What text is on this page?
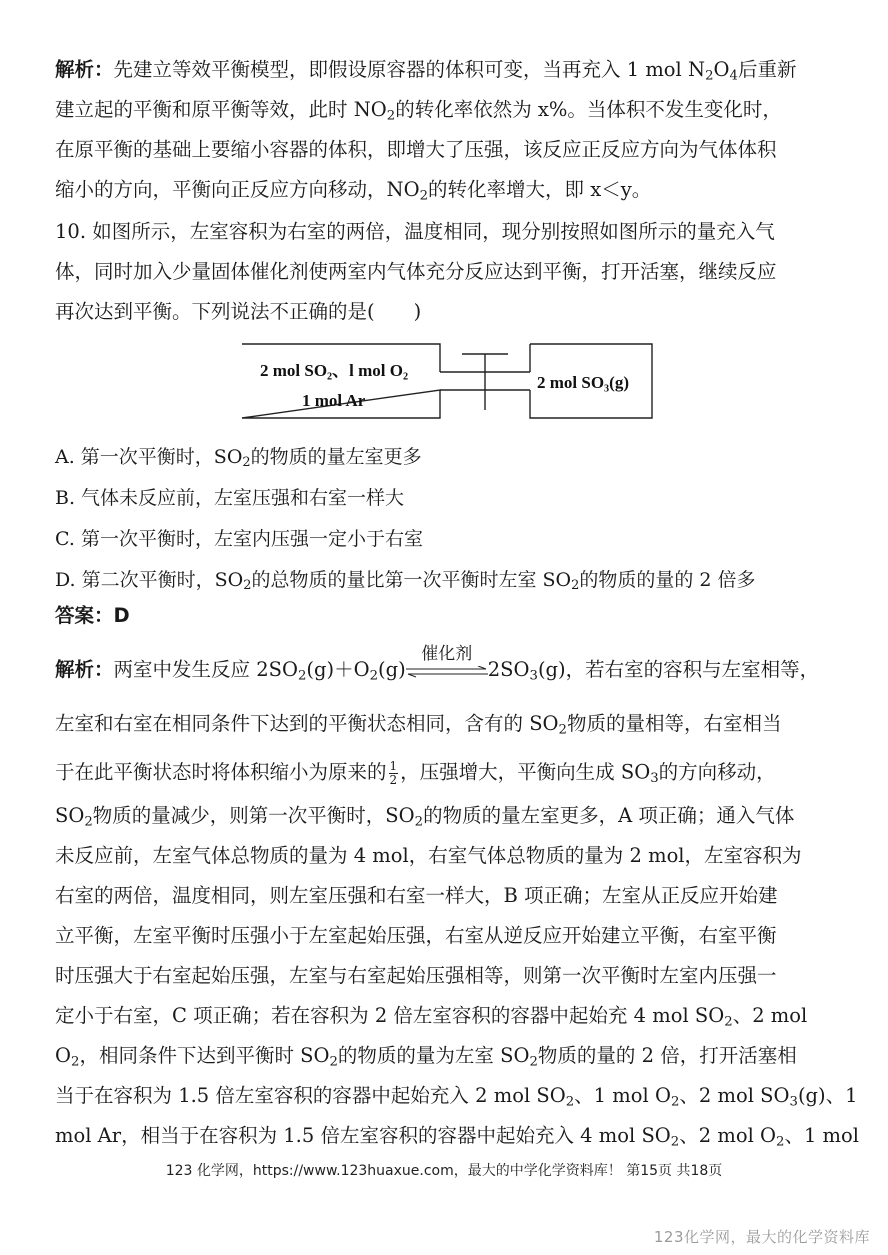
解析：先建立等效平衡模型，即假设原容器的体积可变，当再充入 1 mol $N_2O_4$后重新
建立起的平衡和原平衡等效，此时 $NO_2$的转化率依然为 x%。当体积不发生变化时，
在原平衡的基础上要缩小容器的体积，即增大了压强，该反应正反应方向为气体体积
缩小的方向，平衡向正反应方向移动，$NO_2$的转化率增大，即 x＜y。
10. 如图所示，左室容积为右室的两倍，温度相同，现分别按照如图所示的量充入气
体，同时加入少量固体催化剂使两室内气体充分反应达到平衡，打开活塞，继续反应
再次达到平衡。下列说法不正确的是(　　)
2 mol SO₂、l mol O₂
1 mol Ar
2 mol SO₃(g)
A. 第一次平衡时，$SO_2$的物质的量左室更多
B. 气体未反应前，左室压强和右室一样大
C. 第一次平衡时，左室内压强一定小于右室
D. 第二次平衡时，$SO_2$的总物质的量比第一次平衡时左室 $SO_2$的物质的量的 2 倍多
答案：D
解析：两室中发生反应 $2SO_2(g)+O_2(g)$
催化剂
$2SO_3(g)$，若右室的容积与左室相等，
左室和右室在相同条件下达到的平衡状态相同，含有的 $SO_2$物质的量相等，右室相当
于在此平衡状态时将体积缩小为原来的 $\frac{1}{2}$ ，压强增大，平衡向生成 $SO_3$的方向移动，
$SO_2$物质的量减少，则第一次平衡时，$SO_2$的物质的量左室更多，A 项正确；通入气体
未反应前，左室气体总物质的量为 4 mol，右室气体总物质的量为 2 mol，左室容积为
右室的两倍，温度相同，则左室压强和右室一样大，B 项正确；左室从正反应开始建
立平衡，左室平衡时压强小于左室起始压强，右室从逆反应开始建立平衡，右室平衡
时压强大于右室起始压强，左室与右室起始压强相等，则第一次平衡时左室内压强一
定小于右室，C 项正确；若在容积为 2 倍左室容积的容器中起始充 4 mol $SO_2$、2 mol
$O_2$，相同条件下达到平衡时 $SO_2$的物质的量为左室 $SO_2$物质的量的 2 倍，打开活塞相
当于在容积为 1.5 倍左室容积的容器中起始充入 2 mol $SO_2$、1 mol $O_2$、2 mol $SO_3(g)$、1
mol Ar，相当于在容积为 1.5 倍左室容积的容器中起始充入 4 mol $SO_2$、2 mol $O_2$、1 mol
123 化学网，https://www.123huaxue.com，最大的中学化学资料库！ 第15页 共18页
123化学网，最大的化学资料库
